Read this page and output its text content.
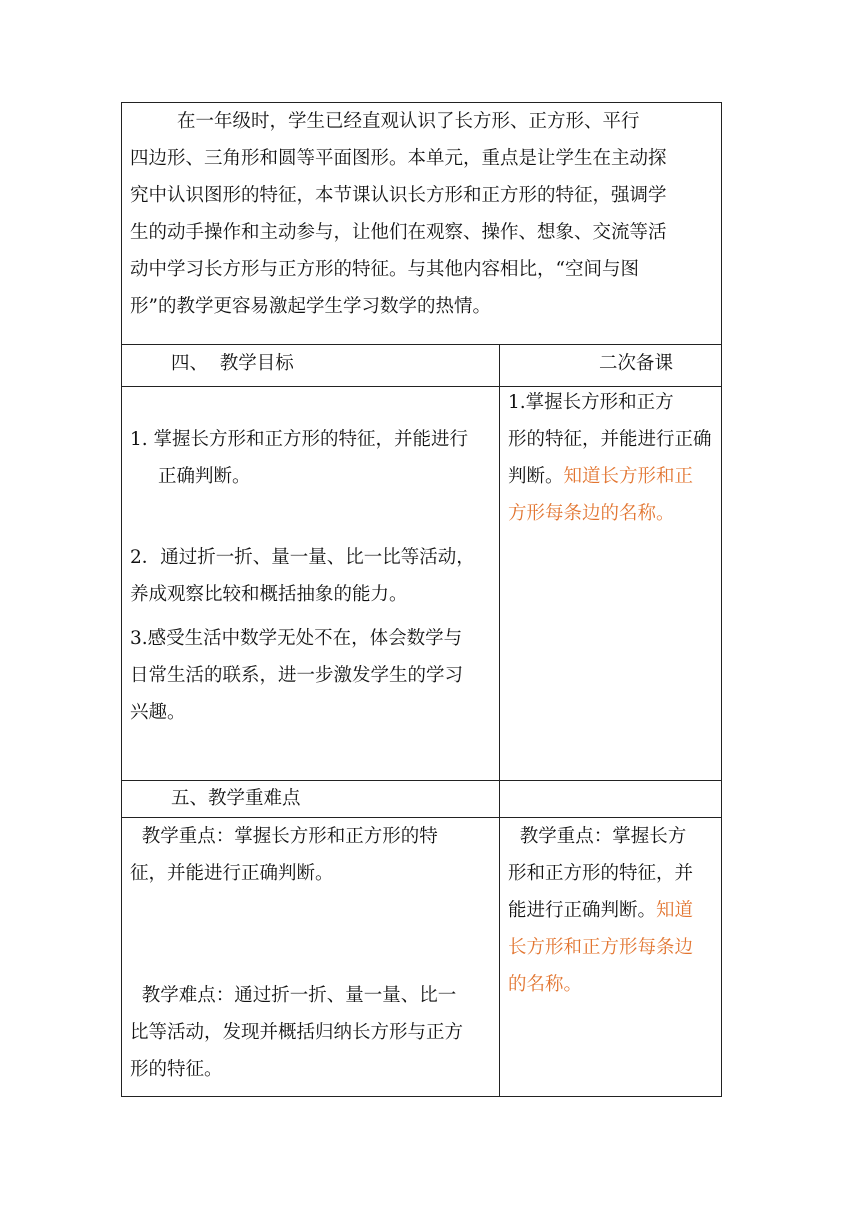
在一年级时，学生已经直观认识了长方形、正方形、平行
四边形、三角形和圆等平面图形。本单元，重点是让学生在主动探
究中认识图形的特征，本节课认识长方形和正方形的特征，强调学
生的动手操作和主动参与，让他们在观察、操作、想象、交流等活
动中学习长方形与正方形的特征。与其他内容相比，“空间与图
形”的教学更容易激起学生学习数学的热情。
四、  教学目标	二次备课
1. 掌握长方形和正方形的特征，并能进行
正确判断。
2．通过折一折、量一量、比一比等活动，
养成观察比较和概括抽象的能力。
3.感受生活中数学无处不在，体会数学与
日常生活的联系，进一步激发学生的学习
兴趣。
1.掌握长方形和正方
形的特征，并能进行正确
判断。知道长方形和正
方形每条边的名称。
五、教学重难点
教学重点：掌握长方形和正方形的特
征，并能进行正确判断。
教学难点：通过折一折、量一量、比一
比等活动，发现并概括归纳长方形与正方
形的特征。
教学重点：掌握长方
形和正方形的特征，并
能进行正确判断。知道
长方形和正方形每条边
的名称。
